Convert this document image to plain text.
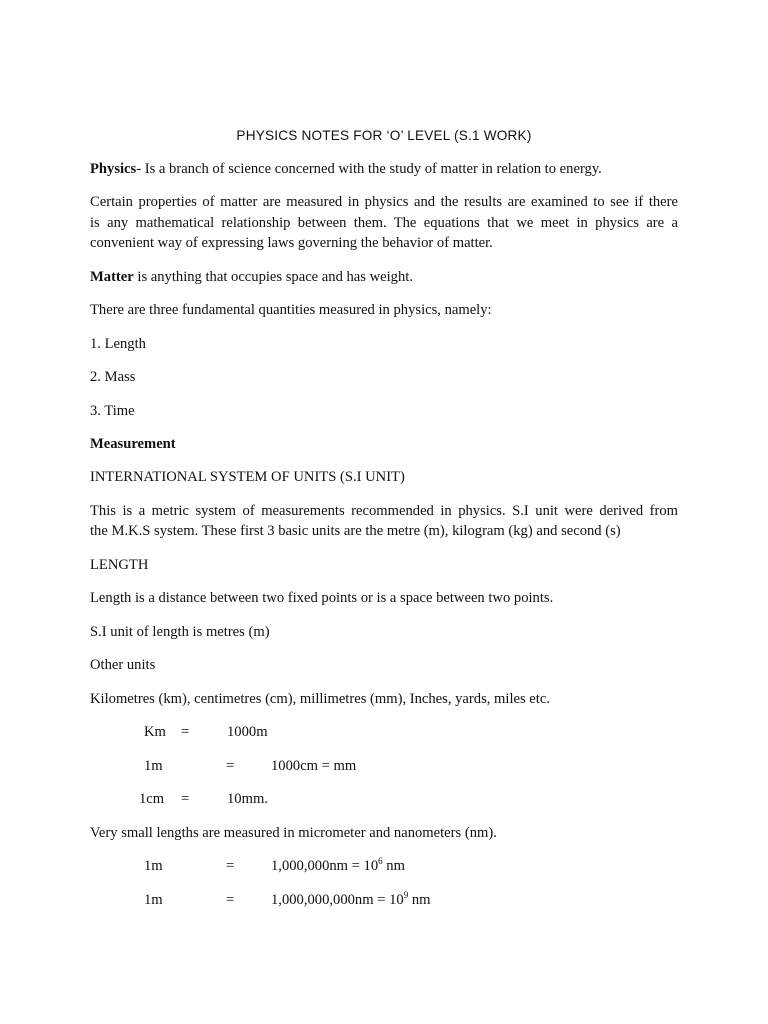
PHYSICS NOTES FOR ‘O’ LEVEL (S.1 WORK)
Physics- Is a branch of science concerned with the study of matter in relation to energy.
Certain properties of matter are measured in physics and the results are examined to see if there
is any mathematical relationship between them. The equations that we meet in physics are a
convenient way of expressing laws governing the behavior of matter.
Matter is anything that occupies space and has weight.
There are three fundamental quantities measured in physics, namely:
1. Length
2. Mass
3. Time
Measurement
INTERNATIONAL SYSTEM OF UNITS (S.I UNIT)
This is a metric system of measurements recommended in physics. S.I unit were derived from
the M.K.S system. These first 3 basic units are the metre (m), kilogram (kg) and second (s)
LENGTH
Length is a distance between two fixed points or is a space between two points.
S.I unit of length is metres (m)
Other units
Kilometres (km), centimetres (cm), millimetres (mm), Inches, yards, miles etc.
Km =	1000m
1m	=	1000cm = mm
1cm =	10mm.
Very small lengths are measured in micrometer and nanometers (nm).
1m	=	$1,000,000nm = 10^6$ nm
1m	=	$1,000,000,000nm = 10^9$ nm
